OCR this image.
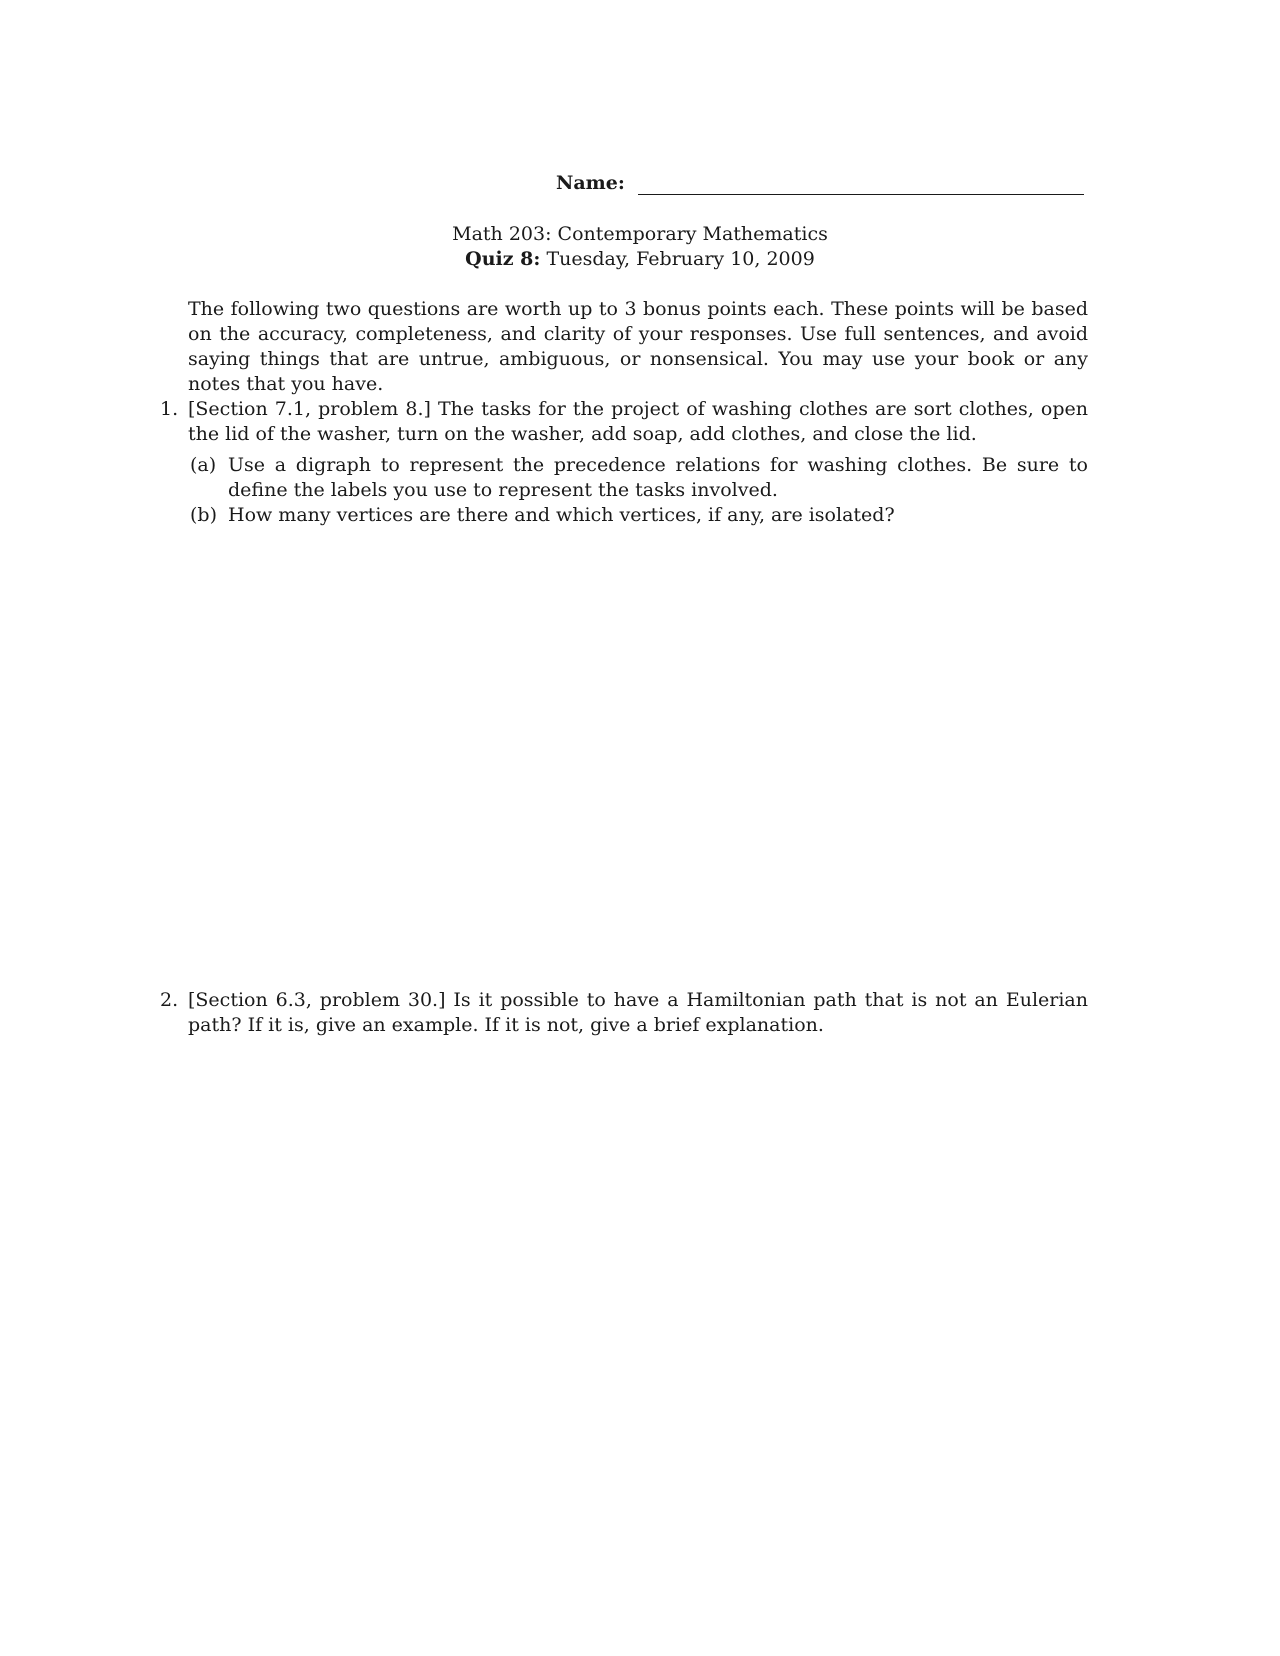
Name:
Math 203: Contemporary Mathematics
Quiz 8: Tuesday, February 10, 2009
The following two questions are worth up to 3 bonus points each. These points will be based on the accuracy, completeness, and clarity of your responses. Use full sentences, and avoid saying things that are untrue, ambiguous, or nonsensical. You may use your book or any notes that you have.
1. [Section 7.1, problem 8.] The tasks for the project of washing clothes are sort clothes, open the lid of the washer, turn on the washer, add soap, add clothes, and close the lid.
(a) Use a digraph to represent the precedence relations for washing clothes. Be sure to define the labels you use to represent the tasks involved.
(b) How many vertices are there and which vertices, if any, are isolated?
2. [Section 6.3, problem 30.] Is it possible to have a Hamiltonian path that is not an Eulerian path? If it is, give an example. If it is not, give a brief explanation.
